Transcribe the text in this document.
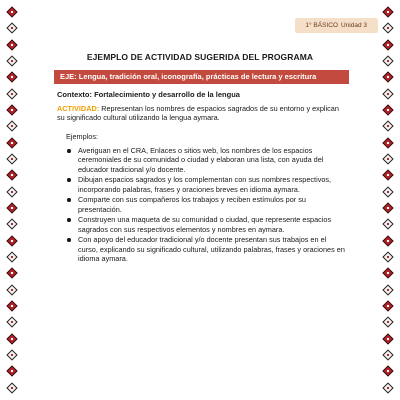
1° BÁSICO Unidad 3
EJEMPLO DE ACTIVIDAD SUGERIDA DEL PROGRAMA
EJE: Lengua, tradición oral, iconografía, prácticas de lectura y escritura
Contexto: Fortalecimiento y desarrollo de la lengua
ACTIVIDAD: Representan los nombres de espacios sagrados de su entorno y explican su significado cultural utilizando la lengua aymara.
Ejemplos:
Averiguan en el CRA, Enlaces o sitios web, los nombres de los espacios ceremoniales de su comunidad o ciudad y elaboran una lista, con ayuda del educador tradicional y/o docente.
Dibujan espacios sagrados y los complementan con sus nombres respectivos, incorporando palabras, frases y oraciones breves en idioma aymara.
Comparte con sus compañeros los trabajos y reciben estímulos por su presentación.
Construyen una maqueta de su comunidad o ciudad, que represente espacios sagrados con sus respectivos elementos y nombres en aymara.
Con apoyo del educador tradicional y/o docente presentan sus trabajos en el curso, explicando su significado cultural, utilizando palabras, frases y oraciones en idioma aymara.
